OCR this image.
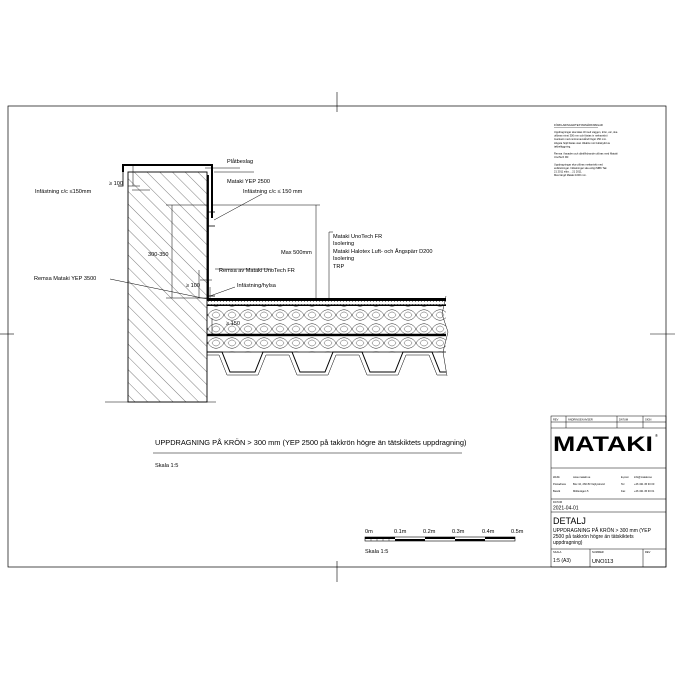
Plåtbeslag
≥ 100
Infästning c/c ≤150mm
Mataki YEP 2500
Infästning c/c ≤ 150 mm
300-350	Max 500mm
Remsa av Mataki UnoTech FR
Remsa Mataki YEP 3500
≥ 100	Infästning/hylsa
≥ 150
Mataki UnoTech FR
Isolering
Mataki Halotex Luft- och Ångspärr D200
Isolering
TRP
FÖRKLARINGAR/TEXTANMÄRKNINGAR
Uppdragningar ska tätas till med väggen, krön, etc, ska
utföras minst 300 mm och fästas in mekaniskt i
överkant med centrumavstånd högst 150 mm.
Högsta höjd fästas utan tillsätts mot fuktskydd av
takbeläggning.
Remsa i fasaden och därtillhörande utföras med Mataki
UnoTech FR.
Uppdragningar ska utföras mekaniskt med
avfärstningar. Infästningar ska enligt MBK Tak
21 2011 sida ... 21 2011.
Max längd Mataki 1000 mm.
UPPDRAGNING PÅ KRÖN > 300 mm (YEP 2500 på takkrön högre än tätskiktets uppdragning)
Skala 1:5
0m	0.1m	0.2m	0.3m	0.4m	0.5m
Skala 1:5
REV	ÄNDRINGEN AVSER	DATUM	SIGN
MATAKI ®
Webb	www.mataki.se	E-post info@mataki.se
Postadress	Box 10, 260 83 Vejbystrand	Tel	+46 431 45 30 00
Besök	Möllevägen 5	Fax	+46 431 45 30 01
DATUM
2021-04-01
DETALJ
UPPDRAGNING PÅ KRÖN > 300 mm (YEP
2500 på takkrön högre än tätskiktets
uppdragning)
SKALA
1:5 (A3)
NUMMER
UNO113
REV
